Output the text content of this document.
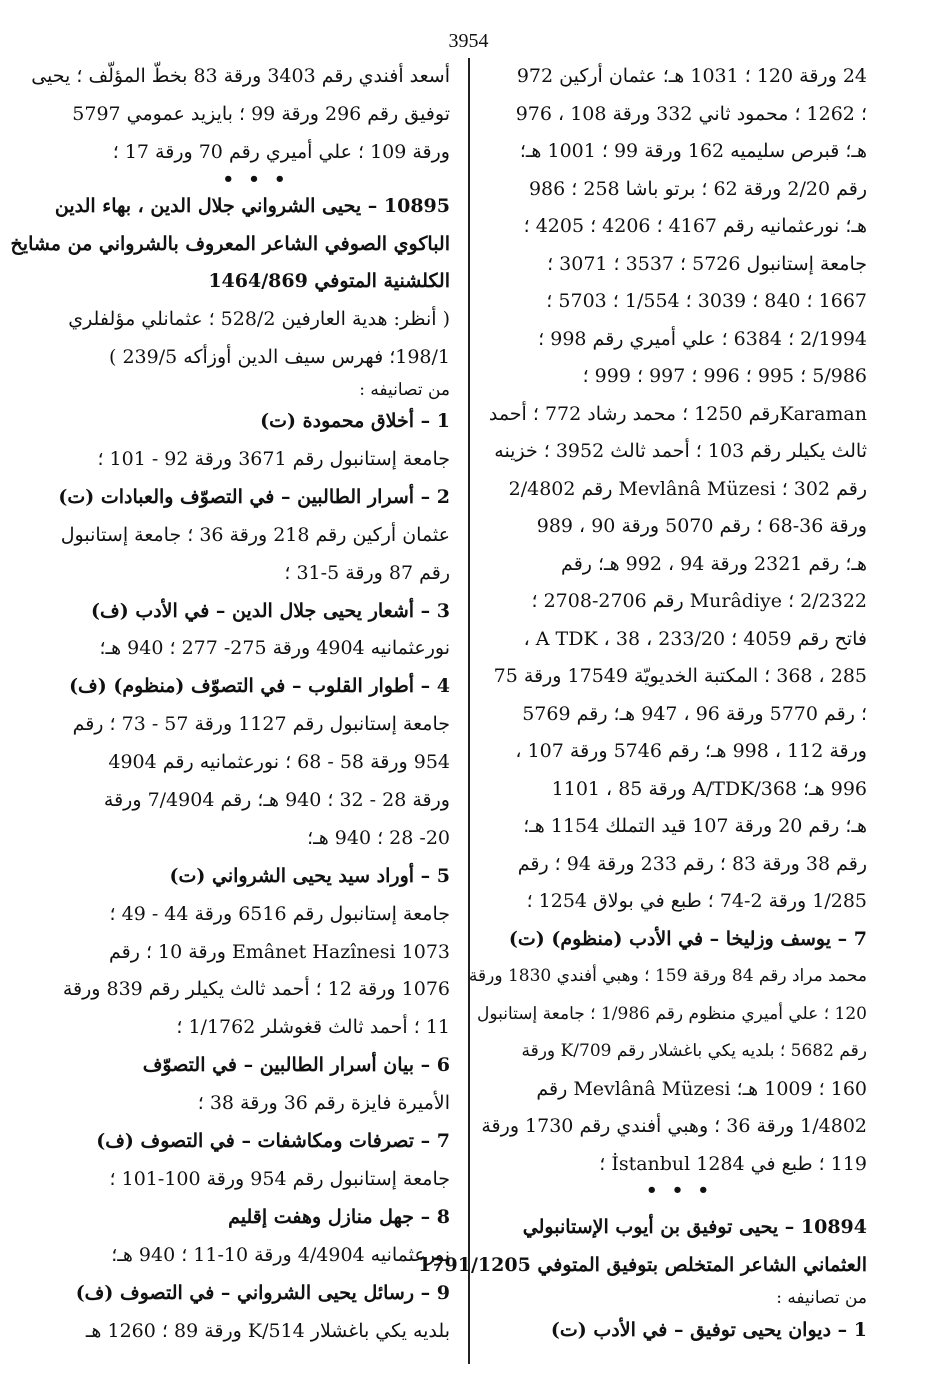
3954
24 ورقة 120 ؛ 1031 هـ؛ عثمان أركين 972
؛ 1262 ؛ محمود ثاني 332 ورقة 108 ، 976
هـ؛ قبرص سليميه 162 ورقة 99 ؛ 1001 هـ؛
رقم 2/20 ورقة 62 ؛ برتو باشا 258 ؛ 986
هـ؛ نورعثمانيه رقم 4167 ؛ 4206 ؛ 4205 ؛
جامعة إستانبول 5726 ؛ 3537 ؛ 3071 ؛
1667 ؛ 840 ؛ 3039 ؛ 1/554 ؛ 5703 ؛
2/1994 ؛ 6384 ؛ علي أميري رقم 998 ؛
5/986 ؛ 995 ؛ 996 ؛ 997 ؛ 999 ؛
Karamanرقم 1250 ؛ محمد رشاد 772 ؛ أحمد
ثالث يكيلر رقم 103 ؛ أحمد ثالث 3952 ؛ خزينه
رقم 302 ؛ Mevlânâ Müzesi رقم 2/4802
ورقة 36-68 ؛ رقم 5070 ورقة 90 ، 989
هـ؛ رقم 2321 ورقة 94 ، 992 هـ؛ رقم
2/2322 ؛ Murâdiye رقم 2706-2708 ؛
فاتح رقم 4059 ؛ 20/A TDK ، 38 ، 233 ،
285 ، 368 ؛ المكتبة الخديويّة 17549 ورقة 75
؛ رقم 5770 ورقة 96 ، 947 هـ؛ رقم 5769
ورقة 112 ، 998 هـ؛ رقم 5746 ورقة 107 ،
996 هـ؛ 368/A/TDK ورقة 85 ، 1101
هـ؛ رقم 20 ورقة 107 قيد التملك 1154 هـ؛
رقم 38 ورقة 83 ؛ رقم 233 ورقة 94 ؛ رقم
1/285 ورقة 2-74 ؛ طبع في بولاق 1254 ؛
7 – يوسف وزليخا – في الأدب (منظوم) (ت)
محمد مراد رقم 84 ورقة 159 ؛ وهبي أفندي 1830 ورقة
120 ؛ علي أميري منظوم رقم 1/986 ؛ جامعة إستانبول
رقم 5682 ؛ بلديه يكي باغشلار رقم 709/K ورقة
160 ؛ 1009 هـ؛ Mevlânâ Müzesi رقم
1/4802 ورقة 36 ؛ وهبي أفندي رقم 1730 ورقة
119 ؛ طبع في İstanbul 1284 ؛
• • •
10894 – يحيى توفيق بن أيوب الإستانبولي
العثماني الشاعر المتخلص بتوفيق المتوفي 1791/1205
من تصانيفه :
1 – ديوان يحيى توفيق – في الأدب (ت)
أسعد أفندي رقم 3403 ورقة 83 بخطّ المؤلّف ؛ يحيى
توفيق رقم 296 ورقة 99 ؛ بايزيد عمومي 5797
ورقة 109 ؛ علي أميري رقم 70 ورقة 17 ؛
• • •
10895 – يحيى الشرواني جلال الدين ، بهاء الدين
الباكوي الصوفي الشاعر المعروف بالشرواني من مشايخ
الكلشنية المتوفي 1464/869
( أنظر: هدية العارفين 528/2 ؛ عثمانلي مؤلفلري
198/1؛ فهرس سيف الدين أوزأكه 239/5 )
من تصانيفه :
1 – أخلاق محمودة (ت)
جامعة إستانبول رقم 3671 ورقة 92 - 101 ؛
2 – أسرار الطالبين – في التصوّف والعبادات (ت)
عثمان أركين رقم 218 ورقة 36 ؛ جامعة إستانبول
رقم 87 ورقة 5-31 ؛
3 – أشعار يحيى جلال الدين – في الأدب (ف)
نورعثمانيه 4904 ورقة 275- 277 ؛ 940 هـ؛
4 – أطوار القلوب – في التصوّف (منظوم) (ف)
جامعة إستانبول رقم 1127 ورقة 57 - 73 ؛ رقم
954 ورقة 58 - 68 ؛ نورعثمانيه رقم 4904
ورقة 28 - 32 ؛ 940 هـ؛ رقم 7/4904 ورقة
20- 28 ؛ 940 هـ؛
5 – أوراد سيد يحيى الشرواني (ت)
جامعة إستانبول رقم 6516 ورقة 44 - 49 ؛
Emânet Hazînesi 1073 ورقة 10 ؛ رقم
1076 ورقة 12 ؛ أحمد ثالث يكيلر رقم 839 ورقة
11 ؛ أحمد ثالث قغوشلر 1/1762 ؛
6 – بيان أسرار الطالبين – في التصوّف
الأميرة فايزة رقم 36 ورقة 38 ؛
7 – تصرفات ومكاشفات – في التصوف (ف)
جامعة إستانبول رقم 954 ورقة 100-101 ؛
8 – جهل منازل وهفت إقليم
نورعثمانيه 4/4904 ورقة 10-11 ؛ 940 هـ؛
9 – رسائل يحيى الشرواني – في التصوف (ف)
بلديه يكي باغشلار 514/K ورقة 89 ؛ 1260 هـ
